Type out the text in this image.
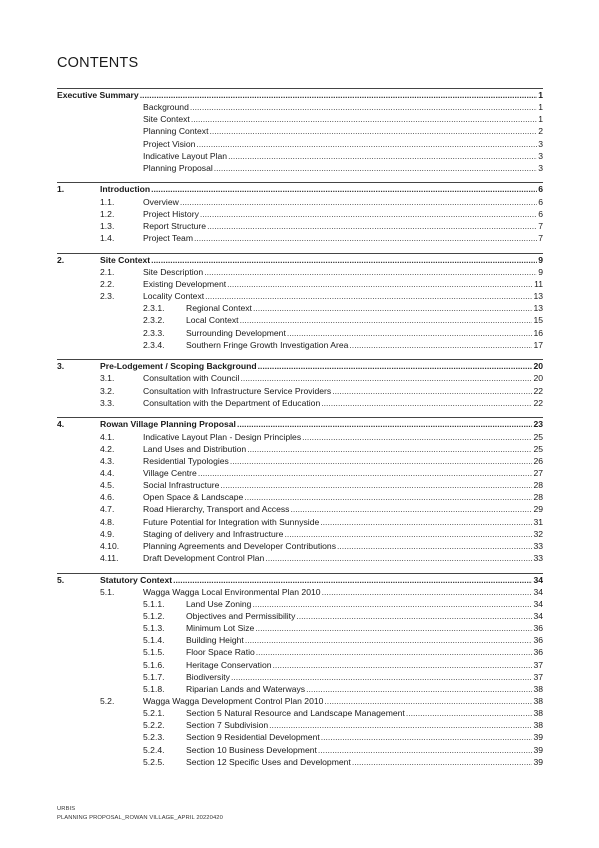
CONTENTS
Executive Summary .....	1
Background .....	1
Site Context .....	1
Planning Context .....	2
Project Vision .....	3
Indicative Layout Plan .....	3
Planning Proposal .....	3
1.	Introduction .....	6
1.1.	Overview .....	6
1.2.	Project History .....	6
1.3.	Report Structure .....	7
1.4.	Project Team .....	7
2.	Site Context .....	9
2.1.	Site Description .....	9
2.2.	Existing Development .....	11
2.3.	Locality Context .....	13
2.3.1. Regional Context .....	13
2.3.2. Local Context .....	15
2.3.3. Surrounding Development .....	16
2.3.4. Southern Fringe Growth Investigation Area .....	17
3.	Pre-Lodgement / Scoping Background .....	20
3.1.	Consultation with Council .....	20
3.2.	Consultation with Infrastructure Service Providers .....	22
3.3.	Consultation with the Department of Education .....	22
4.	Rowan Village Planning Proposal .....	23
4.1.	Indicative Layout Plan - Design Principles .....	25
4.2.	Land Uses and Distribution .....	25
4.3.	Residential Typologies .....	26
4.4.	Village Centre .....	27
4.5.	Social Infrastructure .....	28
4.6.	Open Space & Landscape .....	28
4.7.	Road Hierarchy, Transport and Access .....	29
4.8.	Future Potential for Integration with Sunnyside .....	31
4.9.	Staging of delivery and Infrastructure .....	32
4.10.	Planning Agreements and Developer Contributions .....	33
4.11.	Draft Development Control Plan .....	33
5.	Statutory Context .....	34
5.1.	Wagga Wagga Local Environmental Plan 2010 .....	34
5.1.1. Land Use Zoning .....	34
5.1.2. Objectives and Permissibility .....	34
5.1.3. Minimum Lot Size .....	36
5.1.4. Building Height .....	36
5.1.5. Floor Space Ratio .....	36
5.1.6. Heritage Conservation .....	37
5.1.7. Biodiversity .....	37
5.1.8. Riparian Lands and Waterways .....	38
5.2.	Wagga Wagga Development Control Plan 2010 .....	38
5.2.1. Section 5 Natural Resource and Landscape Management .....	38
5.2.2. Section 7 Subdivision .....	38
5.2.3. Section 9 Residential Development .....	39
5.2.4. Section 10 Business Development .....	39
5.2.5. Section 12 Specific Uses and Development .....	39
URBIS
PLANNING PROPOSAL_ROWAN VILLAGE_APRIL 20220420
